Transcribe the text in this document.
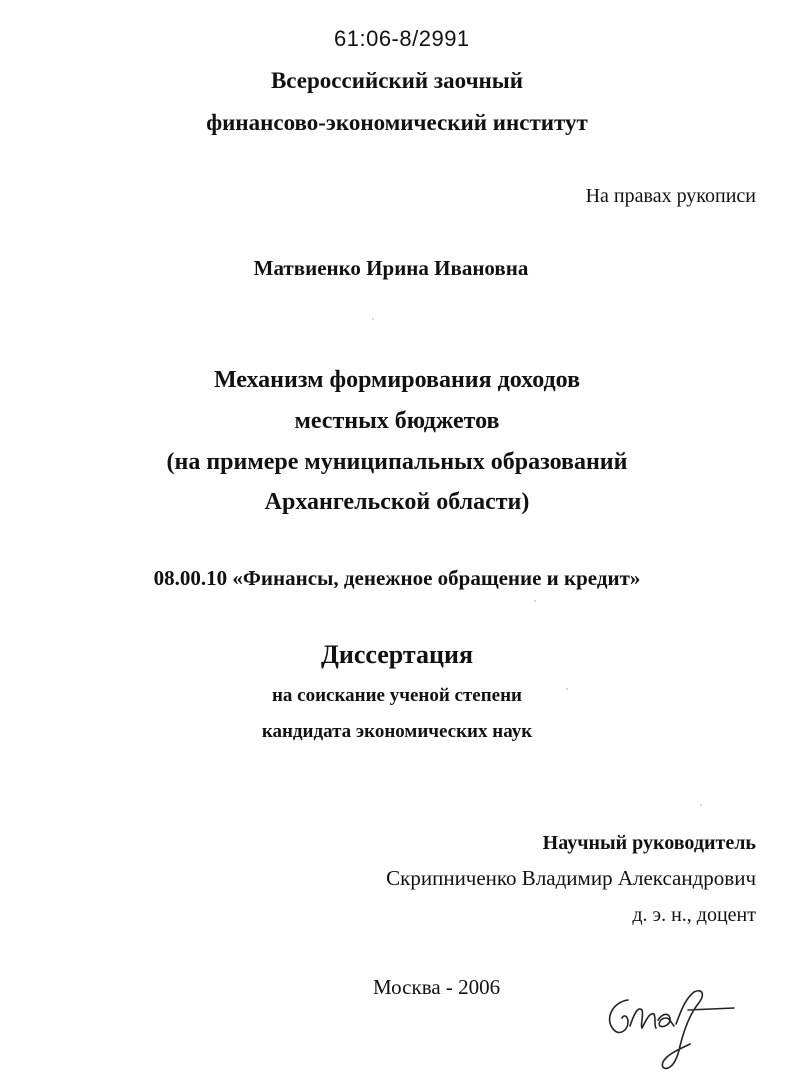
61:06-8/2991
Всероссийский заочный
финансово-экономический институт
На правах рукописи
Матвиенко Ирина Ивановна
Механизм формирования доходов
местных бюджетов
(на примере муниципальных образований
Архангельской области)
08.00.10 «Финансы, денежное обращение и кредит»
Диссертация
на соискание ученой степени
кандидата экономических наук
Научный руководитель
Скрипниченко Владимир Александрович
д. э. н., доцент
Москва - 2006
